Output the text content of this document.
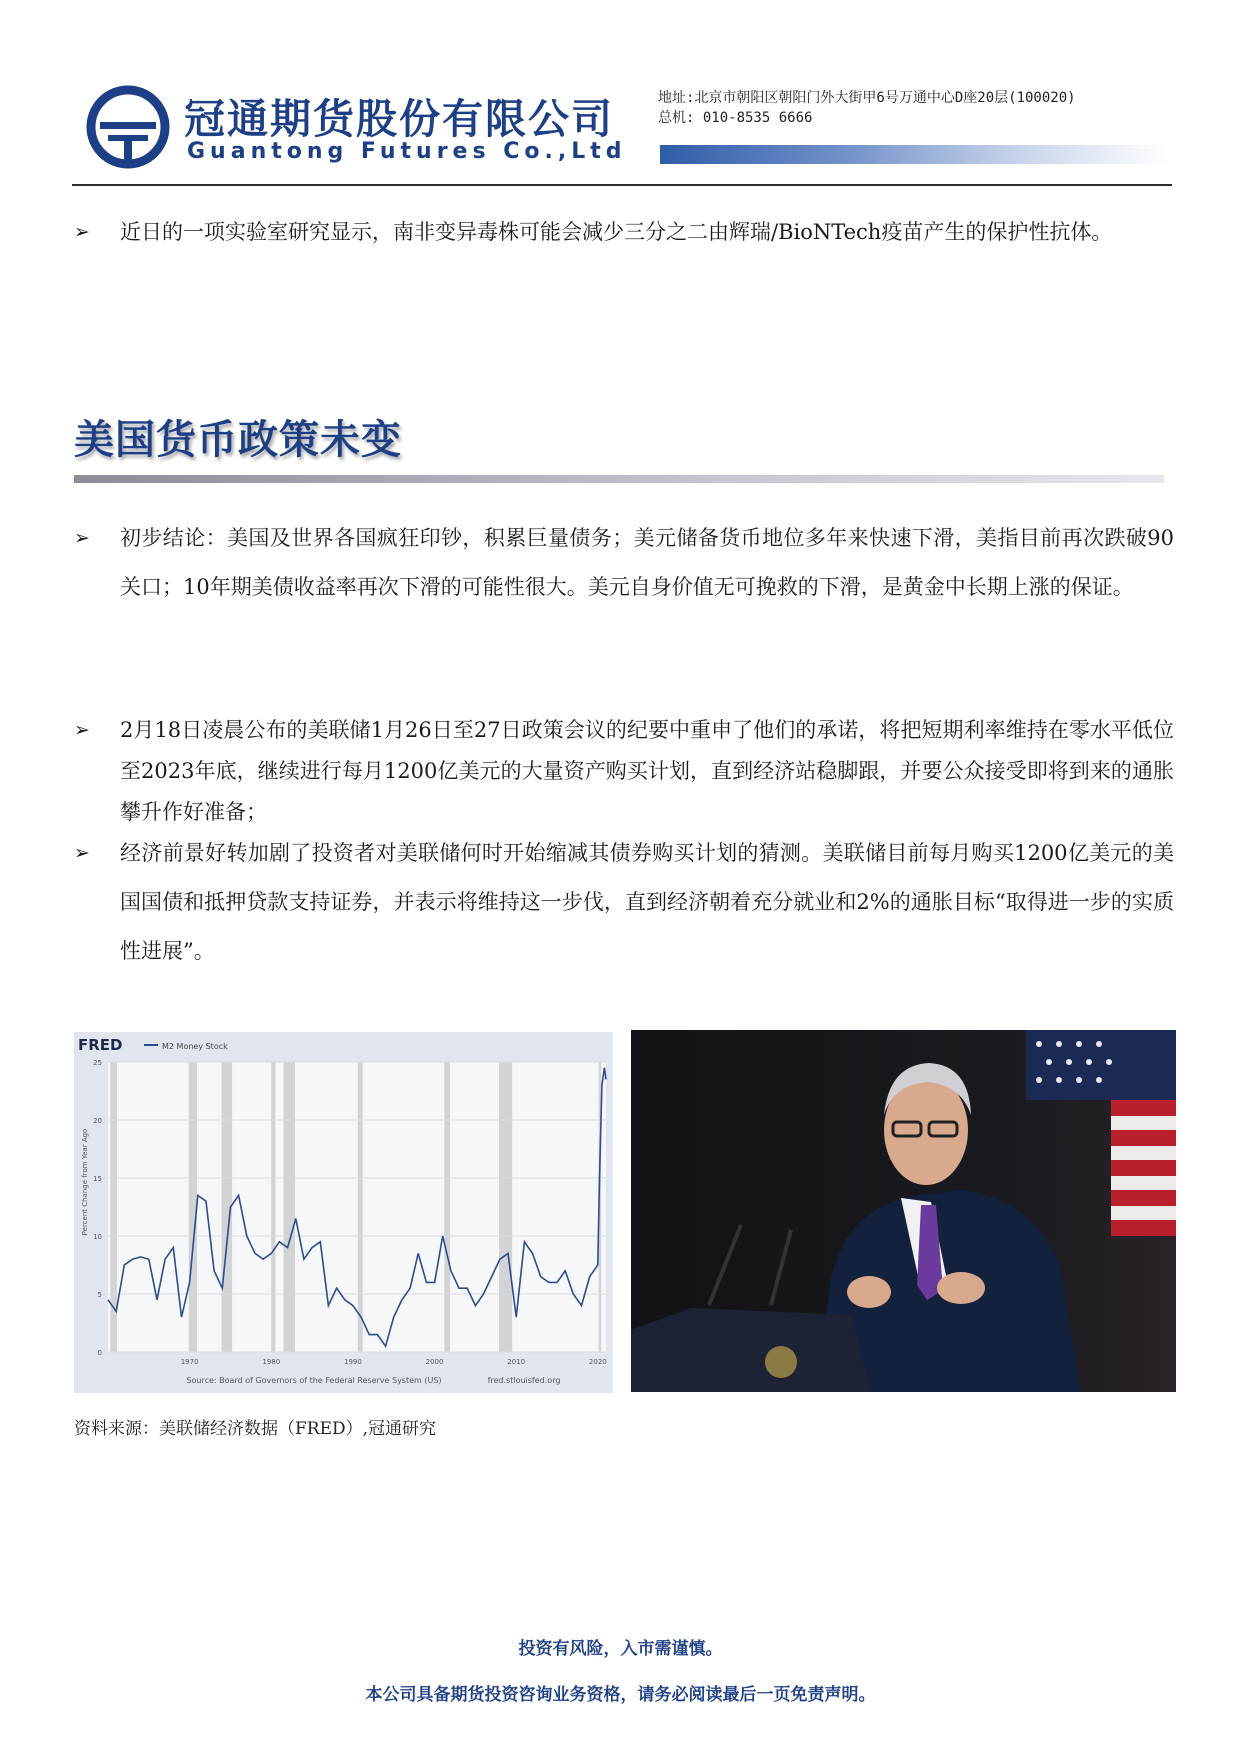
冠通期货股份有限公司
Guantong Futures Co.,Ltd
地址:北京市朝阳区朝阳门外大街甲6号万通中心D座20层(100020)
总机: 010-8535 6666
➢ 近日的一项实验室研究显示，南非变异毒株可能会减少三分之二由辉瑞/BioNTech疫苗产生的保护性抗体。
美国货币政策未变
➢ 初步结论：美国及世界各国疯狂印钞，积累巨量债务；美元储备货币地位多年来快速下滑，美指目前再次跌破90关口；10年期美债收益率再次下滑的可能性很大。美元自身价值无可挽救的下滑，是黄金中长期上涨的保证。
➢ 2月18日凌晨公布的美联储1月26日至27日政策会议的纪要中重申了他们的承诺，将把短期利率维持在零水平低位至2023年底，继续进行每月1200亿美元的大量资产购买计划，直到经济站稳脚跟，并要公众接受即将到来的通胀攀升作好准备；
➢ 经济前景好转加剧了投资者对美联储何时开始缩减其债券购买计划的猜测。美联储目前每月购买1200亿美元的美国国债和抵押贷款支持证券，并表示将维持这一步伐，直到经济朝着充分就业和2%的通胀目标“取得进一步的实质性进展”。
FRED	M2 Money Stock
Percent Change from Year Ago
0
5
10
15
20
25
1970	1980	1990	2000	2010	2020
Source: Board of Governors of the Federal Reserve System (US)	fred.stlouisfed.org
资料来源：美联储经济数据（FRED）,冠通研究
投资有风险，入市需谨慎。
本公司具备期货投资咨询业务资格，请务必阅读最后一页免责声明。
